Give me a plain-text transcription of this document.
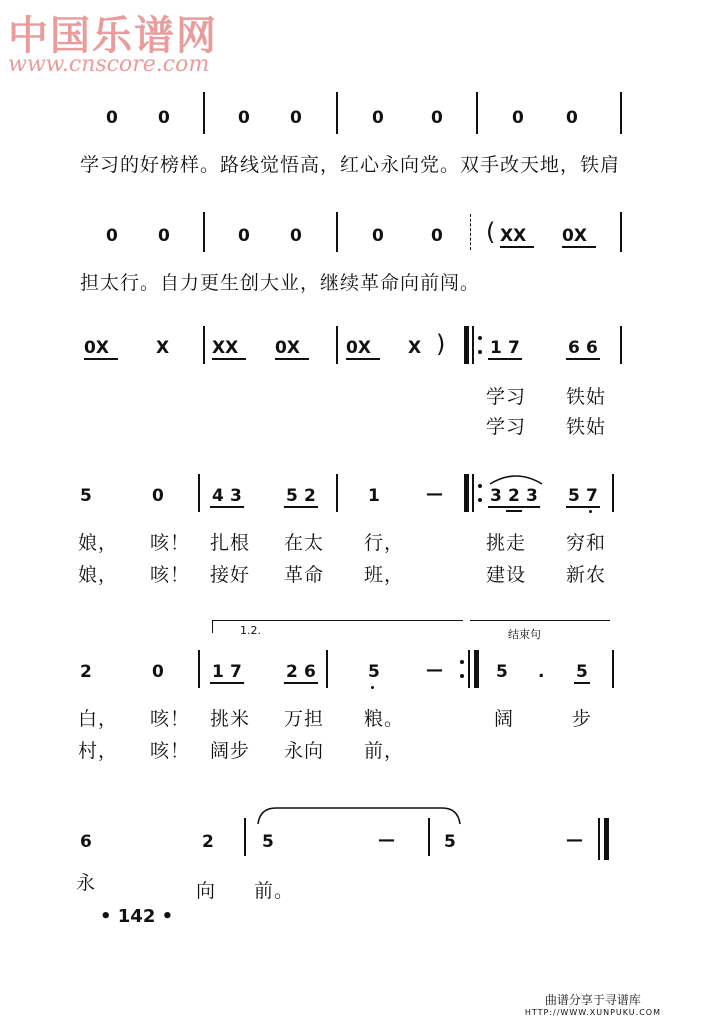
中国乐谱网
www.cnscore.com
0 0	0 0	0	0	0 0
学习的好榜样。路线觉悟高，红心永向党。双手改天地，铁肩
0 0	0 0	0	0 ( XX 0X
担太行。自力更生创大业，继续革命向前闯。
0X	X	XX 0X	0X X )	1 7	6 6
学习 铁姑
学习 铁姑
5	0	4 3	5 2	1	—	3 2 3 5 7
娘， 咳！ 扎根 在太 行，	挑走 穷和
娘， 咳！ 接好 革命 班，	建设 新农
1.2.	结束句
2	0	1 7	2 6	5	—	5 . 5
白， 咳！ 挑米 万担 粮。	阔	步
村， 咳！ 阔步 永向 前，
6	2	5	—	5	—
永	向 前。
• 142 •
曲谱分享于寻谱库
HTTP://WWW.XUNPUKU.COM
